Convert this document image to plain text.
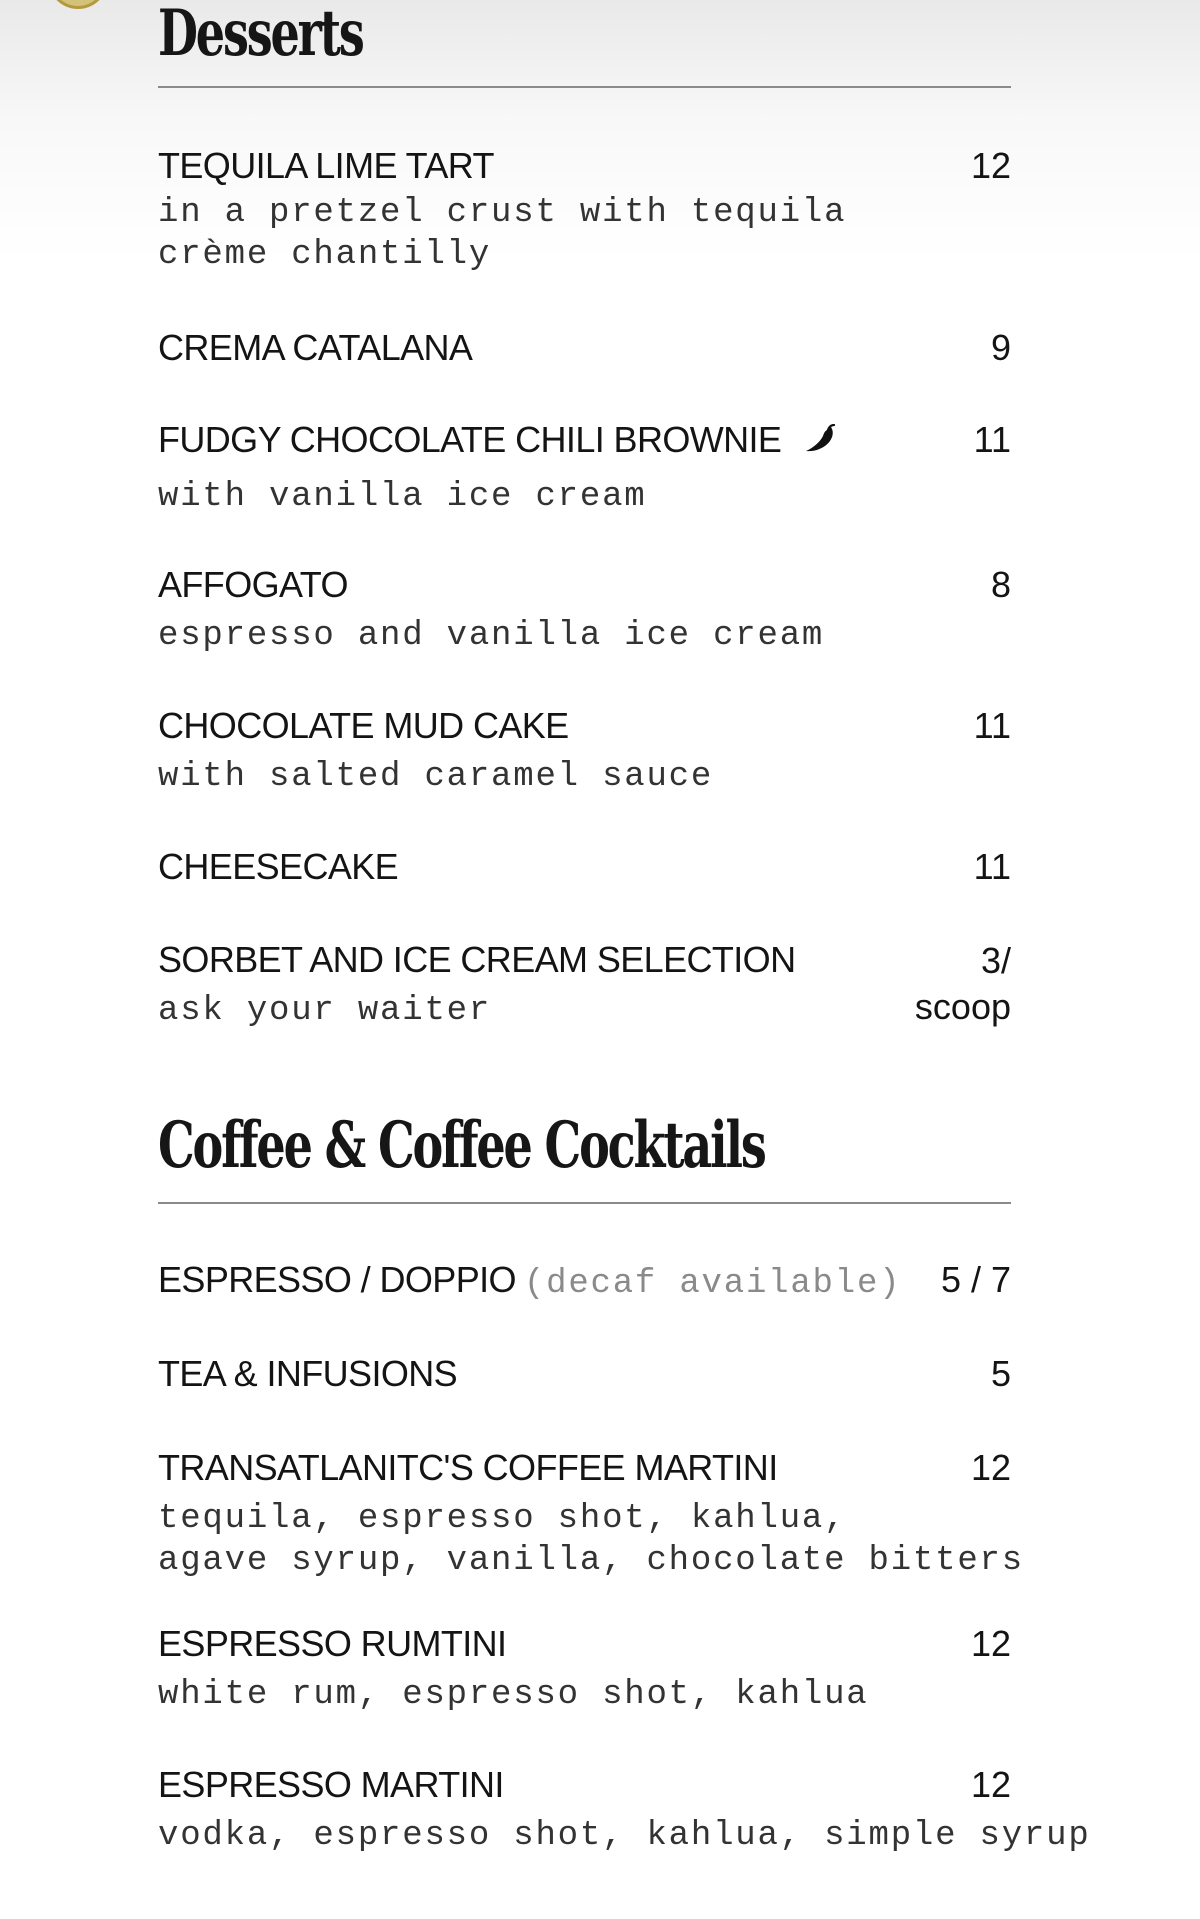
Desserts
TEQUILA LIME TART	12
in a pretzel crust with tequila
crème chantilly
CREMA CATALANA	9
FUDGY CHOCOLATE CHILI BROWNIE	11
with vanilla ice cream
AFFOGATO	8
espresso and vanilla ice cream
CHOCOLATE MUD CAKE	11
with salted caramel sauce
CHEESECAKE	11
SORBET AND ICE CREAM SELECTION	3/
scoop
ask your waiter
Coffee & Coffee Cocktails
ESPRESSO / DOPPIO (decaf available) 5 / 7
TEA & INFUSIONS	5
TRANSATLANITC'S COFFEE MARTINI	12
tequila, espresso shot, kahlua,
agave syrup, vanilla, chocolate bitters
ESPRESSO RUMTINI	12
white rum, espresso shot, kahlua
ESPRESSO MARTINI	12
vodka, espresso shot, kahlua, simple syrup
